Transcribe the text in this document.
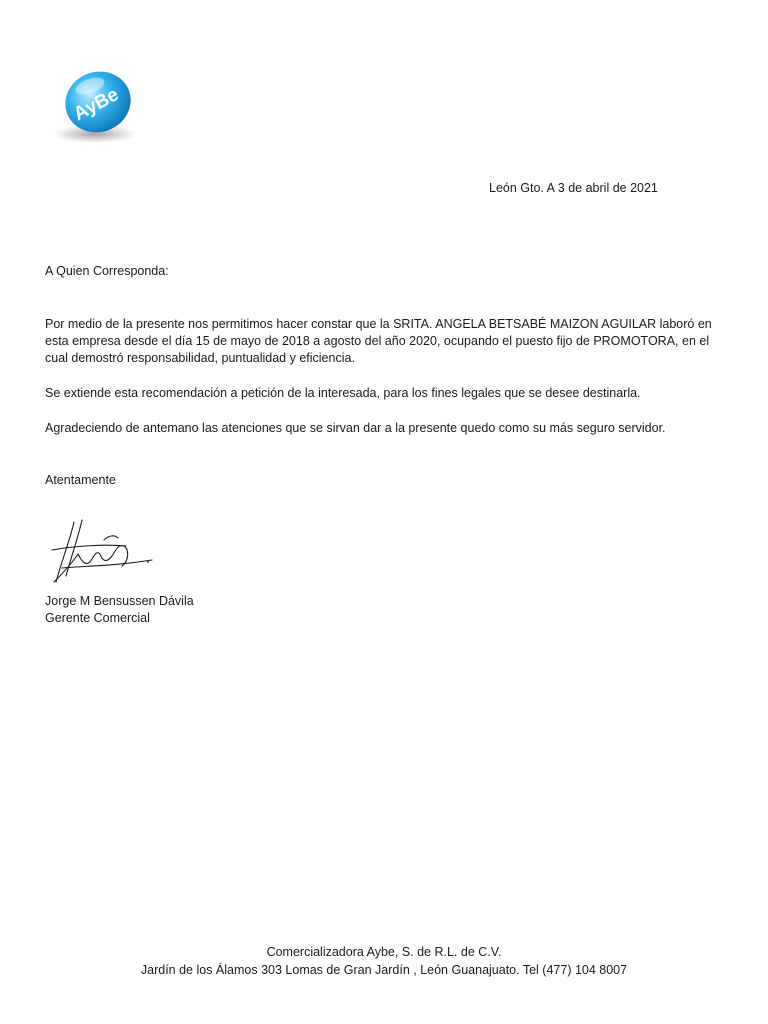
AyBe
León Gto. A 3 de abril de 2021
A Quien Corresponda:

Por medio de la presente nos permitimos hacer constar que la SRITA. ANGELA BETSABÉ MAIZON AGUILAR laboró en esta empresa desde el día 15 de mayo de 2018 a agosto del año 2020, ocupando el puesto fijo de PROMOTORA, en el cual demostró responsabilidad, puntualidad y eficiencia.

Se extiende esta recomendación a petición de la interesada, para los fines legales que se desee destinarla.

Agradeciendo de antemano las atenciones que se sirvan dar a la presente quedo como su más seguro servidor.

Atentamente
Jorge M Bensussen Dávila
Gerente Comercial
Comercializadora Aybe, S. de R.L. de C.V.
Jardín de los Álamos 303 Lomas de Gran Jardín , León Guanajuato. Tel (477) 104 8007
